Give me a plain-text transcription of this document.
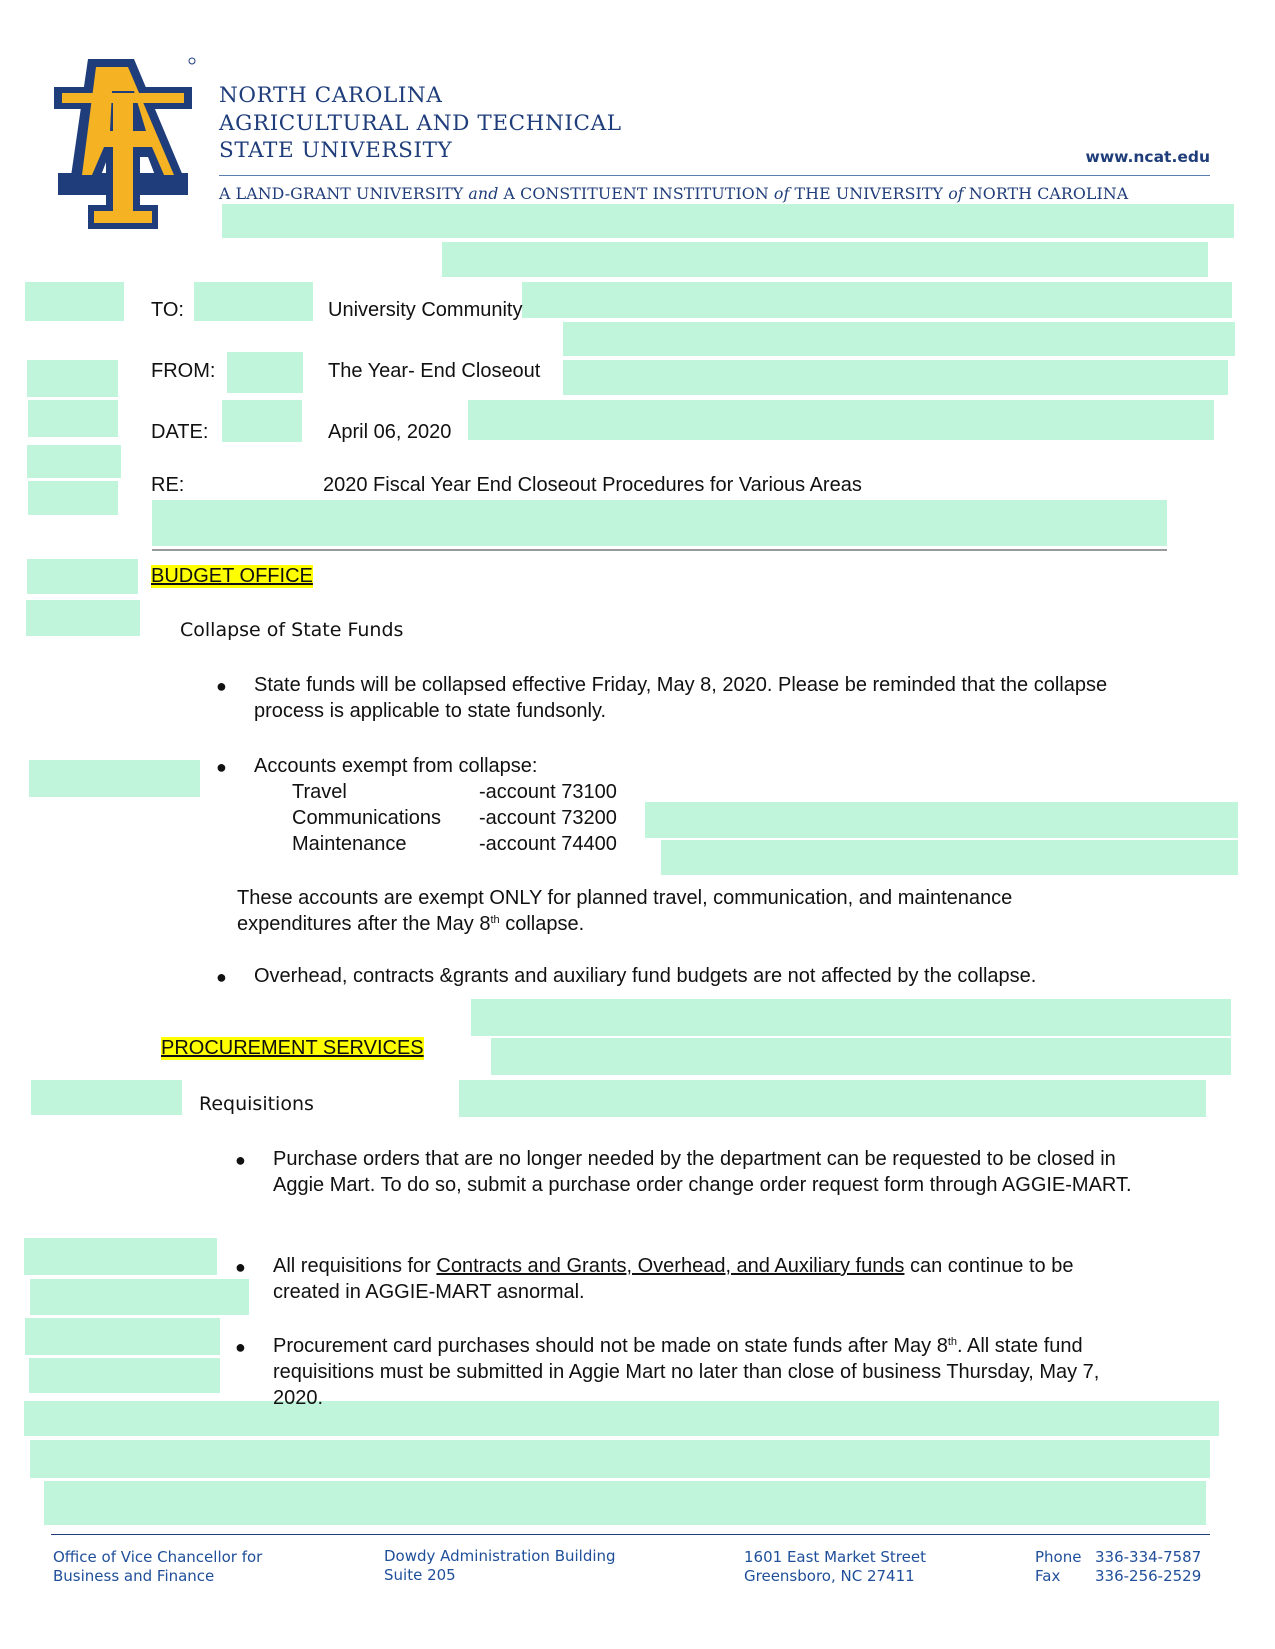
NORTH CAROLINA
AGRICULTURAL AND TECHNICAL
STATE UNIVERSITY	www.ncat.edu
A LAND-GRANT UNIVERSITY and A CONSTITUENT INSTITUTION of THE UNIVERSITY of NORTH CAROLINA
TO:	University Community
FROM:	The Year- End Closeout
DATE:	April 06, 2020
RE:	2020 Fiscal Year End Closeout Procedures for Various Areas
BUDGET OFFICE
Collapse of State Funds
● State funds will be collapsed effective Friday, May 8, 2020. Please be reminded that the collapse process is applicable to state fundsonly.
● Accounts exempt from collapse:
Travel	-account 73100
Communications -account 73200
Maintenance	-account 74400
These accounts are exempt ONLY for planned travel, communication, and maintenance
expenditures after the May 8th collapse.
● Overhead, contracts &grants and auxiliary fund budgets are not affected by the collapse.
PROCUREMENT SERVICES
Requisitions
● Purchase orders that are no longer needed by the department can be requested to be closed in Aggie Mart. To do so, submit a purchase order change order request form through AGGIE-MART.
● All requisitions for Contracts and Grants, Overhead, and Auxiliary funds can continue to be created in AGGIE-MART asnormal.
● Procurement card purchases should not be made on state funds after May 8th. All state fund requisitions must be submitted in Aggie Mart no later than close of business Thursday, May 7, 2020.
Office of Vice Chancellor for
Business and Finance
Dowdy Administration Building
Suite 205
1601 East Market Street
Greensboro, NC 27411
Phone 336-334-7587
Fax 336-256-2529
